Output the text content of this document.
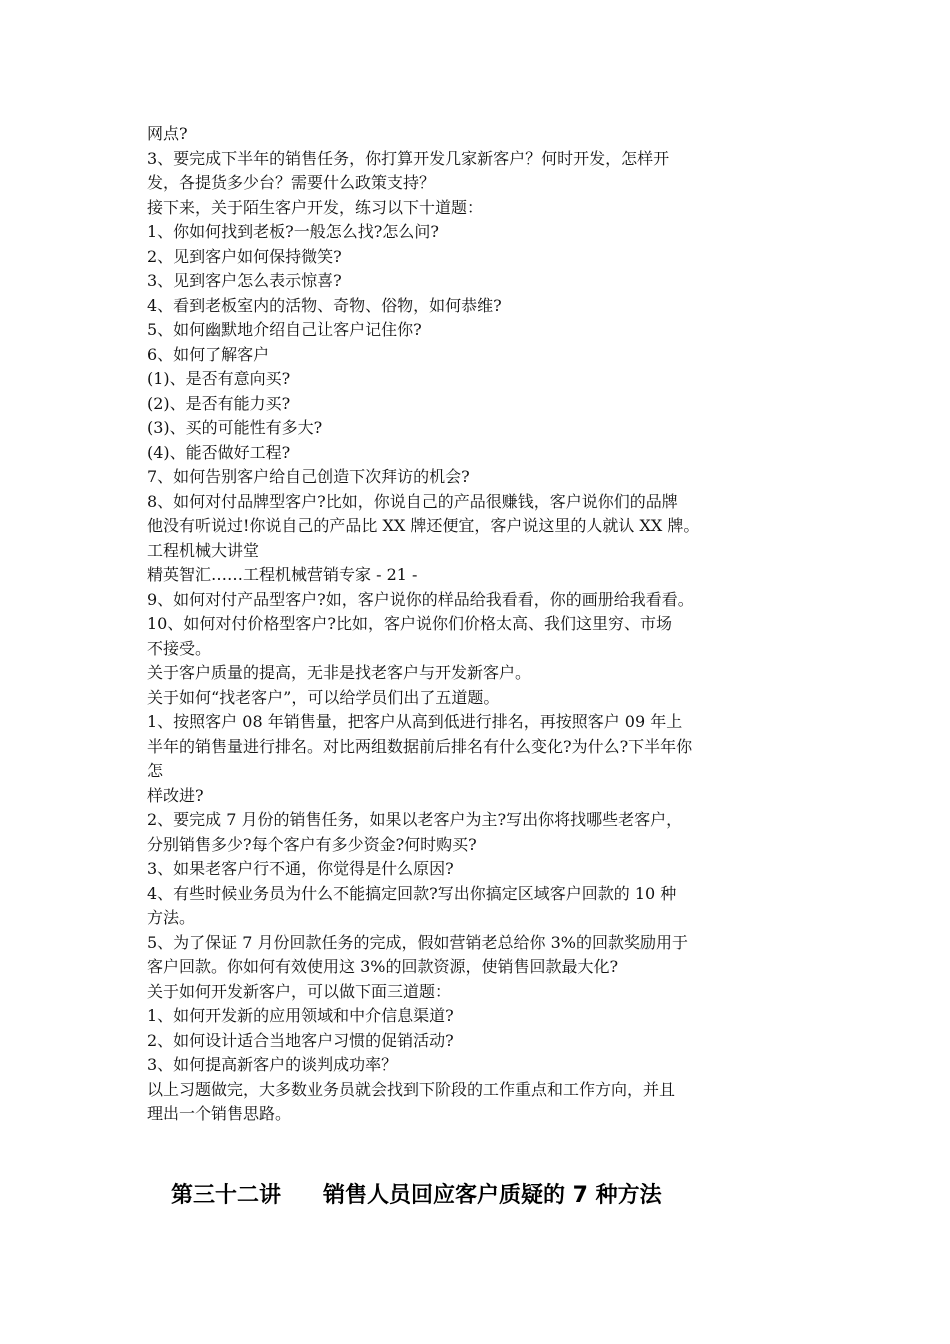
网点?
3、要完成下半年的销售任务，你打算开发几家新客户？何时开发，怎样开
发，各提货多少台？需要什么政策支持？
接下来，关于陌生客户开发，练习以下十道题：
1、你如何找到老板?一般怎么找?怎么问?
2、见到客户如何保持微笑?
3、见到客户怎么表示惊喜?
4、看到老板室内的活物、奇物、俗物，如何恭维?
5、如何幽默地介绍自己让客户记住你?
6、如何了解客户
(1)、是否有意向买?
(2)、是否有能力买?
(3)、买的可能性有多大?
(4)、能否做好工程?
7、如何告别客户给自己创造下次拜访的机会?
8、如何对付品牌型客户?比如，你说自己的产品很赚钱，客户说你们的品牌
他没有听说过!你说自己的产品比 XX 牌还便宜，客户说这里的人就认 XX 牌。
工程机械大讲堂
精英智汇……工程机械营销专家 - 21 -
9、如何对付产品型客户?如，客户说你的样品给我看看，你的画册给我看看。
10、如何对付价格型客户?比如，客户说你们价格太高、我们这里穷、市场
不接受。
关于客户质量的提高，无非是找老客户与开发新客户。
关于如何“找老客户”，可以给学员们出了五道题。
1、按照客户 08 年销售量，把客户从高到低进行排名，再按照客户 09 年上
半年的销售量进行排名。对比两组数据前后排名有什么变化?为什么?下半年你
怎
样改进?
2、要完成 7 月份的销售任务，如果以老客户为主?写出你将找哪些老客户，
分别销售多少?每个客户有多少资金?何时购买?
3、如果老客户行不通，你觉得是什么原因?
4、有些时候业务员为什么不能搞定回款?写出你搞定区域客户回款的 10 种
方法。
5、为了保证 7 月份回款任务的完成，假如营销老总给你 3%的回款奖励用于
客户回款。你如何有效使用这 3%的回款资源，使销售回款最大化?
关于如何开发新客户，可以做下面三道题：
1、如何开发新的应用领域和中介信息渠道?
2、如何设计适合当地客户习惯的促销活动?
3、如何提高新客户的谈判成功率？
以上习题做完，大多数业务员就会找到下阶段的工作重点和工作方向，并且
理出一个销售思路。
第三十二讲 销售人员回应客户质疑的 7 种方法
